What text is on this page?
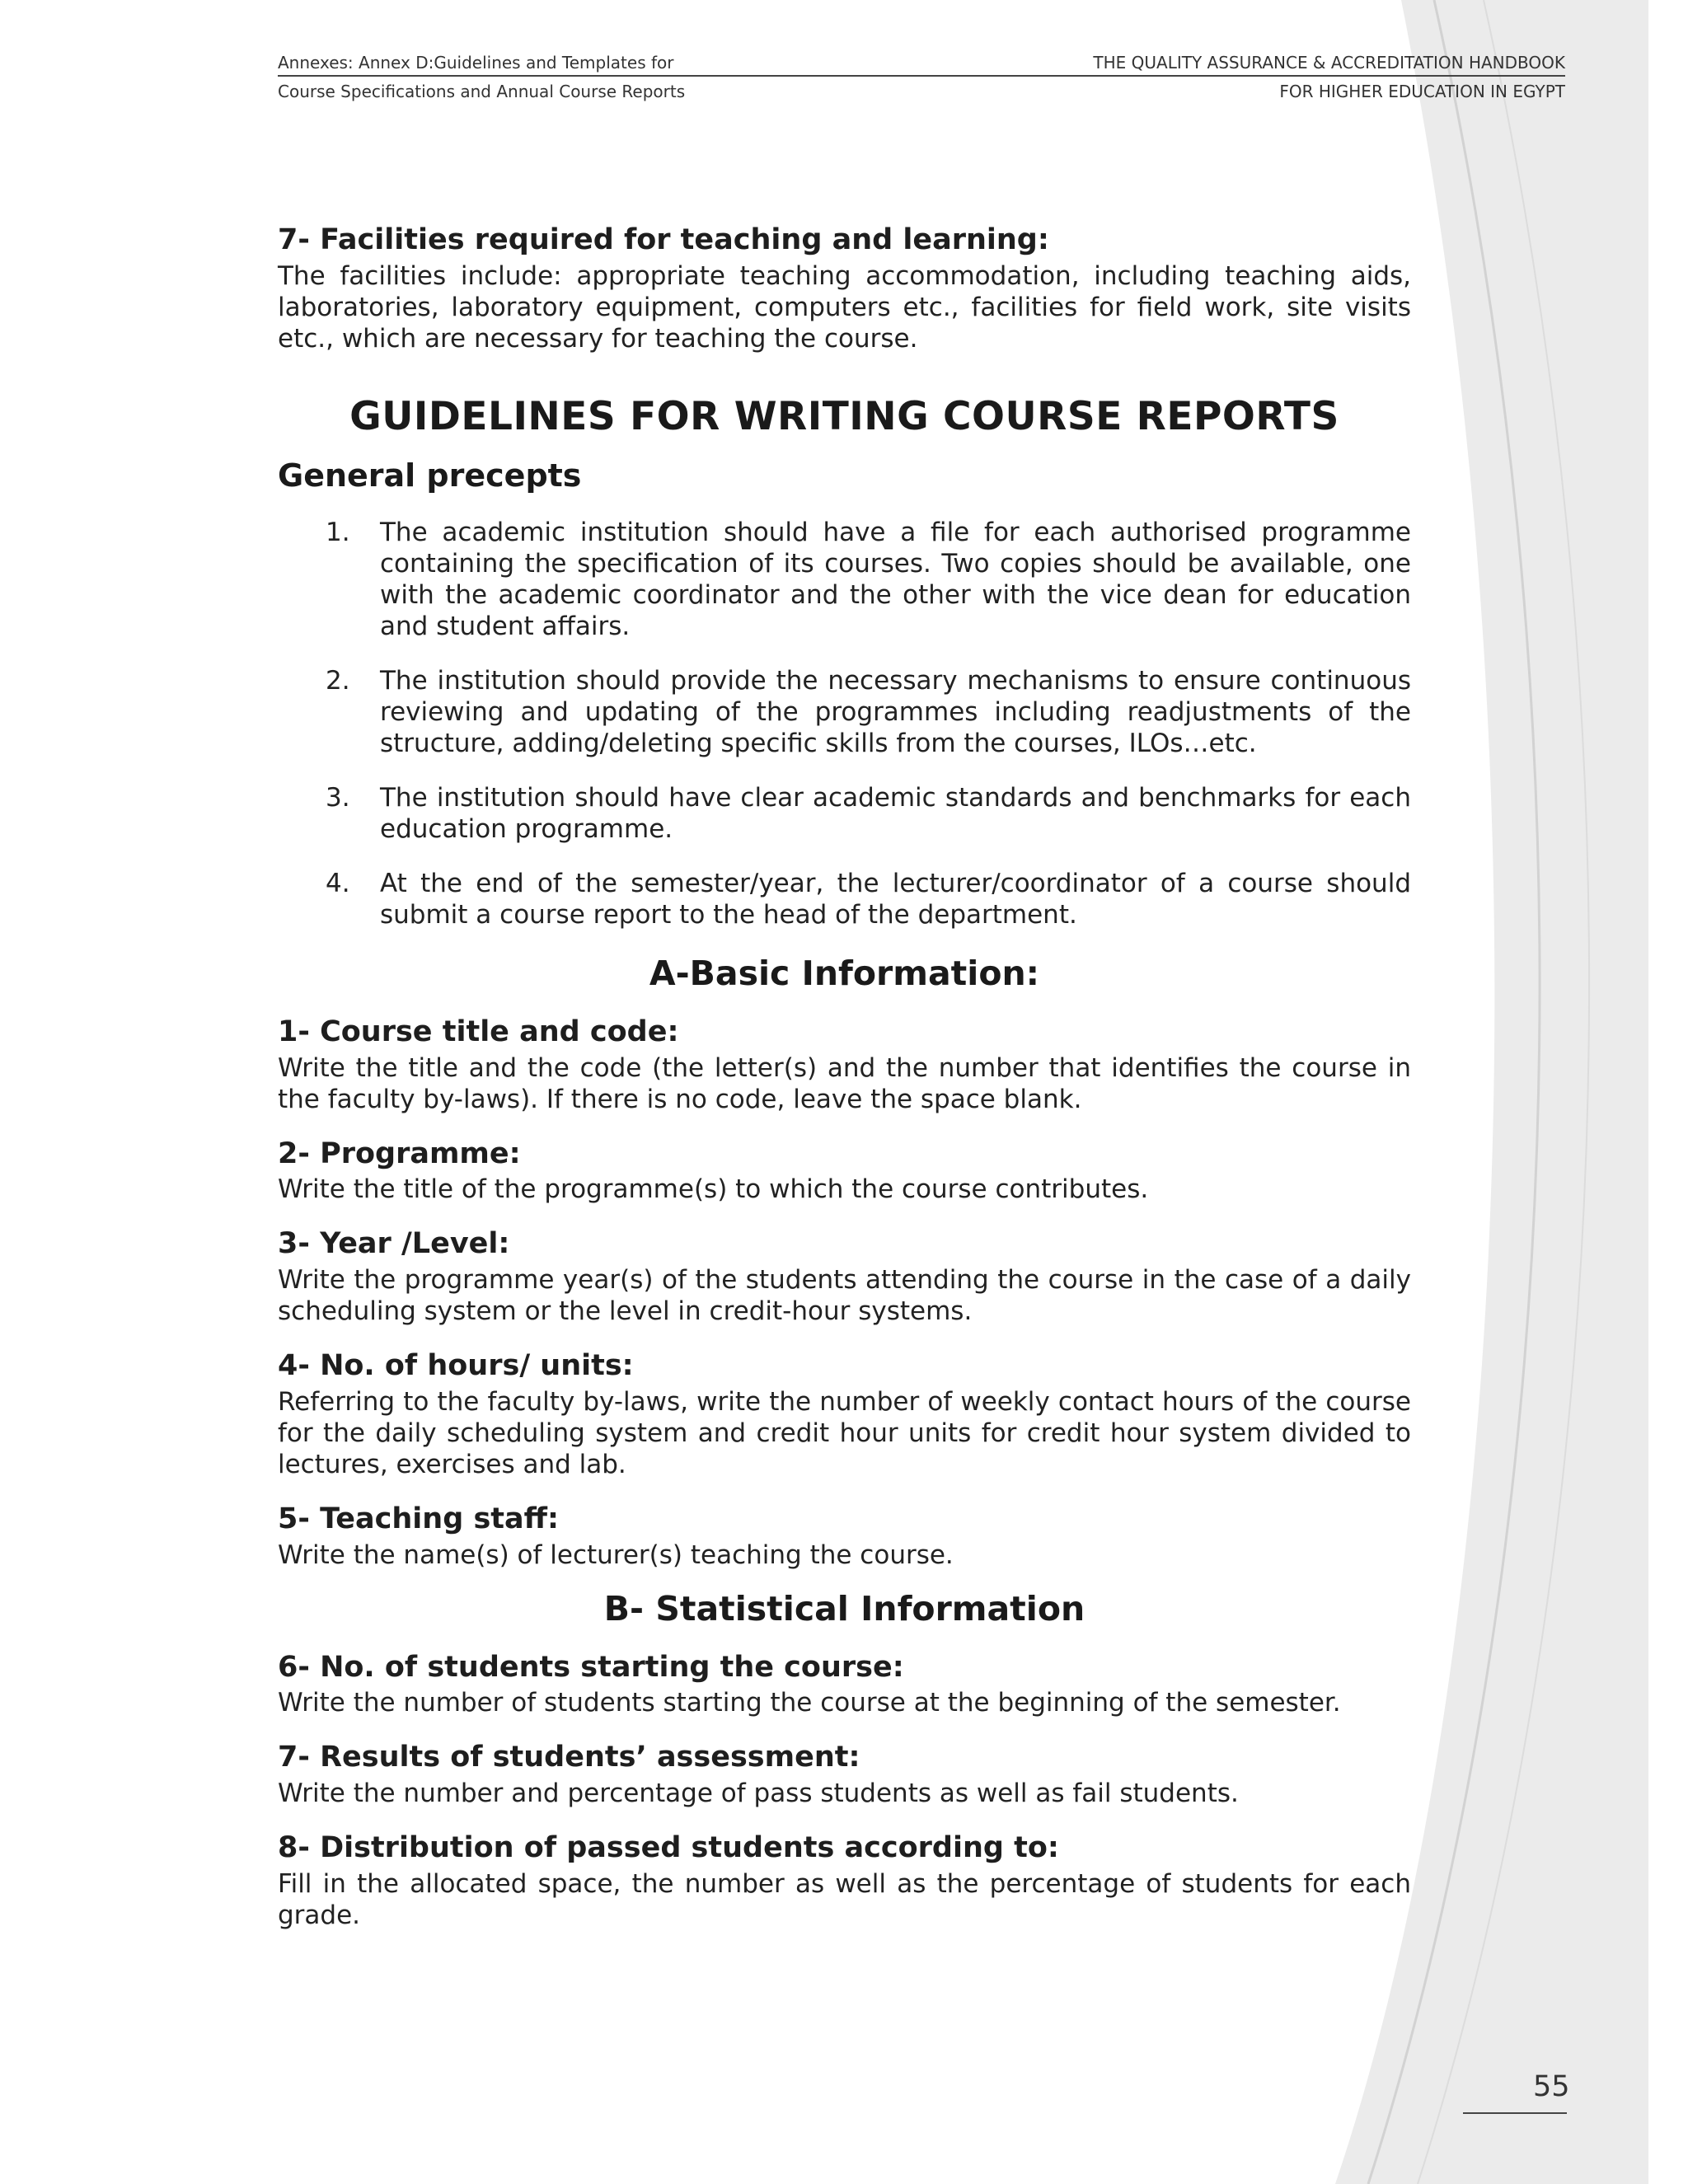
Annexes: Annex D:Guidelines and Templates for
Course Specifications and Annual Course Reports
THE QUALITY ASSURANCE & ACCREDITATION HANDBOOK
FOR HIGHER EDUCATION IN EGYPT

7- Facilities required for teaching and learning:

The facilities include: appropriate teaching accommodation, including teaching aids, laboratories, laboratory equipment, computers etc., facilities for field work, site visits etc., which are necessary for teaching the course.

GUIDELINES FOR WRITING COURSE REPORTS
General precepts
1. The academic institution should have a file for each authorised programme containing the specification of its courses. Two copies should be available, one with the academic coordinator and the other with the vice dean for education and student affairs.
2. The institution should provide the necessary mechanisms to ensure continuous reviewing and updating of the programmes including readjustments of the structure, adding/deleting specific skills from the courses, ILOs…etc.
3. The institution should have clear academic standards and benchmarks for each education programme.
4. At the end of the semester/year, the lecturer/coordinator of a course should submit a course report to the head of the department.
A-Basic Information:

1- Course title and code:

Write the title and the code (the letter(s) and the number that identifies the course in the faculty by-laws). If there is no code, leave the space blank.

2- Programme:

Write the title of the programme(s) to which the course contributes.

3- Year /Level:

Write the programme year(s) of the students attending the course in the case of a daily scheduling system or the level in credit-hour systems.

4- No. of hours/ units:

Referring to the faculty by-laws, write the number of weekly contact hours of the course for the daily scheduling system and credit hour units for credit hour system divided to lectures, exercises and lab.

5- Teaching staff:

Write the name(s) of lecturer(s) teaching the course.

B- Statistical Information

6- No. of students starting the course:

Write the number of students starting the course at the beginning of the semester.

7- Results of students’ assessment:

Write the number and percentage of pass students as well as fail students.

8- Distribution of passed students according to:

Fill in the allocated space, the number as well as the percentage of students for each grade.

55
